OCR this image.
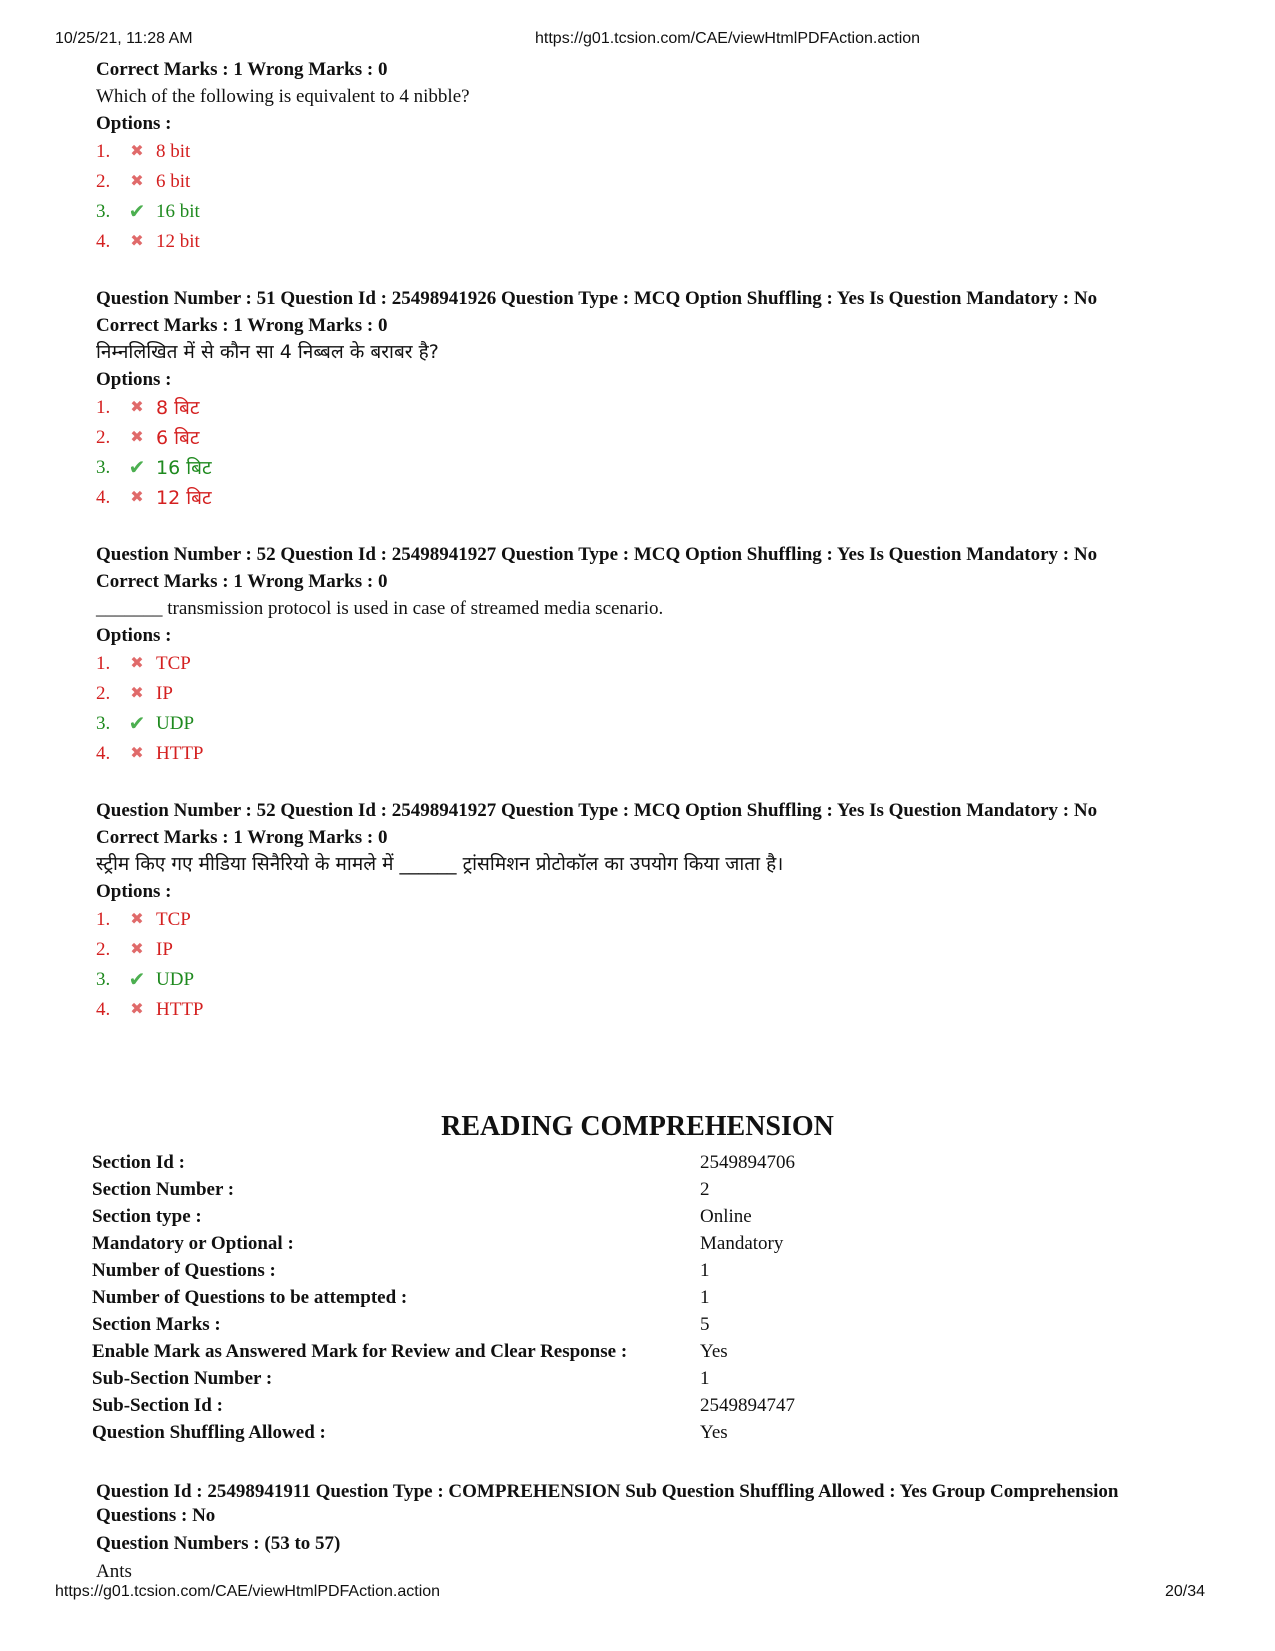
10/25/21, 11:28 AM	https://g01.tcsion.com/CAE/viewHtmlPDFAction.action
Correct Marks : 1 Wrong Marks : 0
Which of the following is equivalent to 4 nibble?
Options :
1.	✖ 8 bit
2.	✖ 6 bit
3. ✔ 16 bit
4.	✖ 12 bit
Question Number : 51 Question Id : 25498941926 Question Type : MCQ Option Shuffling : Yes Is Question Mandatory : No
Correct Marks : 1 Wrong Marks : 0
निम्नलिखित में से कौन सा 4 निब्बल के बराबर है?
Options :
1.	✖ 8 बिट
2.	✖ 6 बिट
3. ✔ 16 बिट
4.	✖ 12 बिट
Question Number : 52 Question Id : 25498941927 Question Type : MCQ Option Shuffling : Yes Is Question Mandatory : No
Correct Marks : 1 Wrong Marks : 0
_______ transmission protocol is used in case of streamed media scenario.
Options :
1.	✖ TCP
2.	✖ IP
3. ✔ UDP
4.	✖ HTTP
Question Number : 52 Question Id : 25498941927 Question Type : MCQ Option Shuffling : Yes Is Question Mandatory : No
Correct Marks : 1 Wrong Marks : 0
स्ट्रीम किए गए मीडिया सिनैरियो के मामले में ______ ट्रांसमिशन प्रोटोकॉल का उपयोग किया जाता है।
Options :
1.	✖ TCP
2.	✖ IP
3. ✔ UDP
4.	✖ HTTP
READING COMPREHENSION
Section Id :	2549894706
Section Number :	2
Section type :	Online
Mandatory or Optional :	Mandatory
Number of Questions :	1
Number of Questions to be attempted :	1
Section Marks :	5
Enable Mark as Answered Mark for Review and Clear Response :	Yes
Sub-Section Number :	1
Sub-Section Id :	2549894747
Question Shuffling Allowed :	Yes
Question Id : 25498941911 Question Type : COMPREHENSION Sub Question Shuffling Allowed : Yes Group Comprehension
Questions : No
Question Numbers : (53 to 57)
Ants
https://g01.tcsion.com/CAE/viewHtmlPDFAction.action	20/34
